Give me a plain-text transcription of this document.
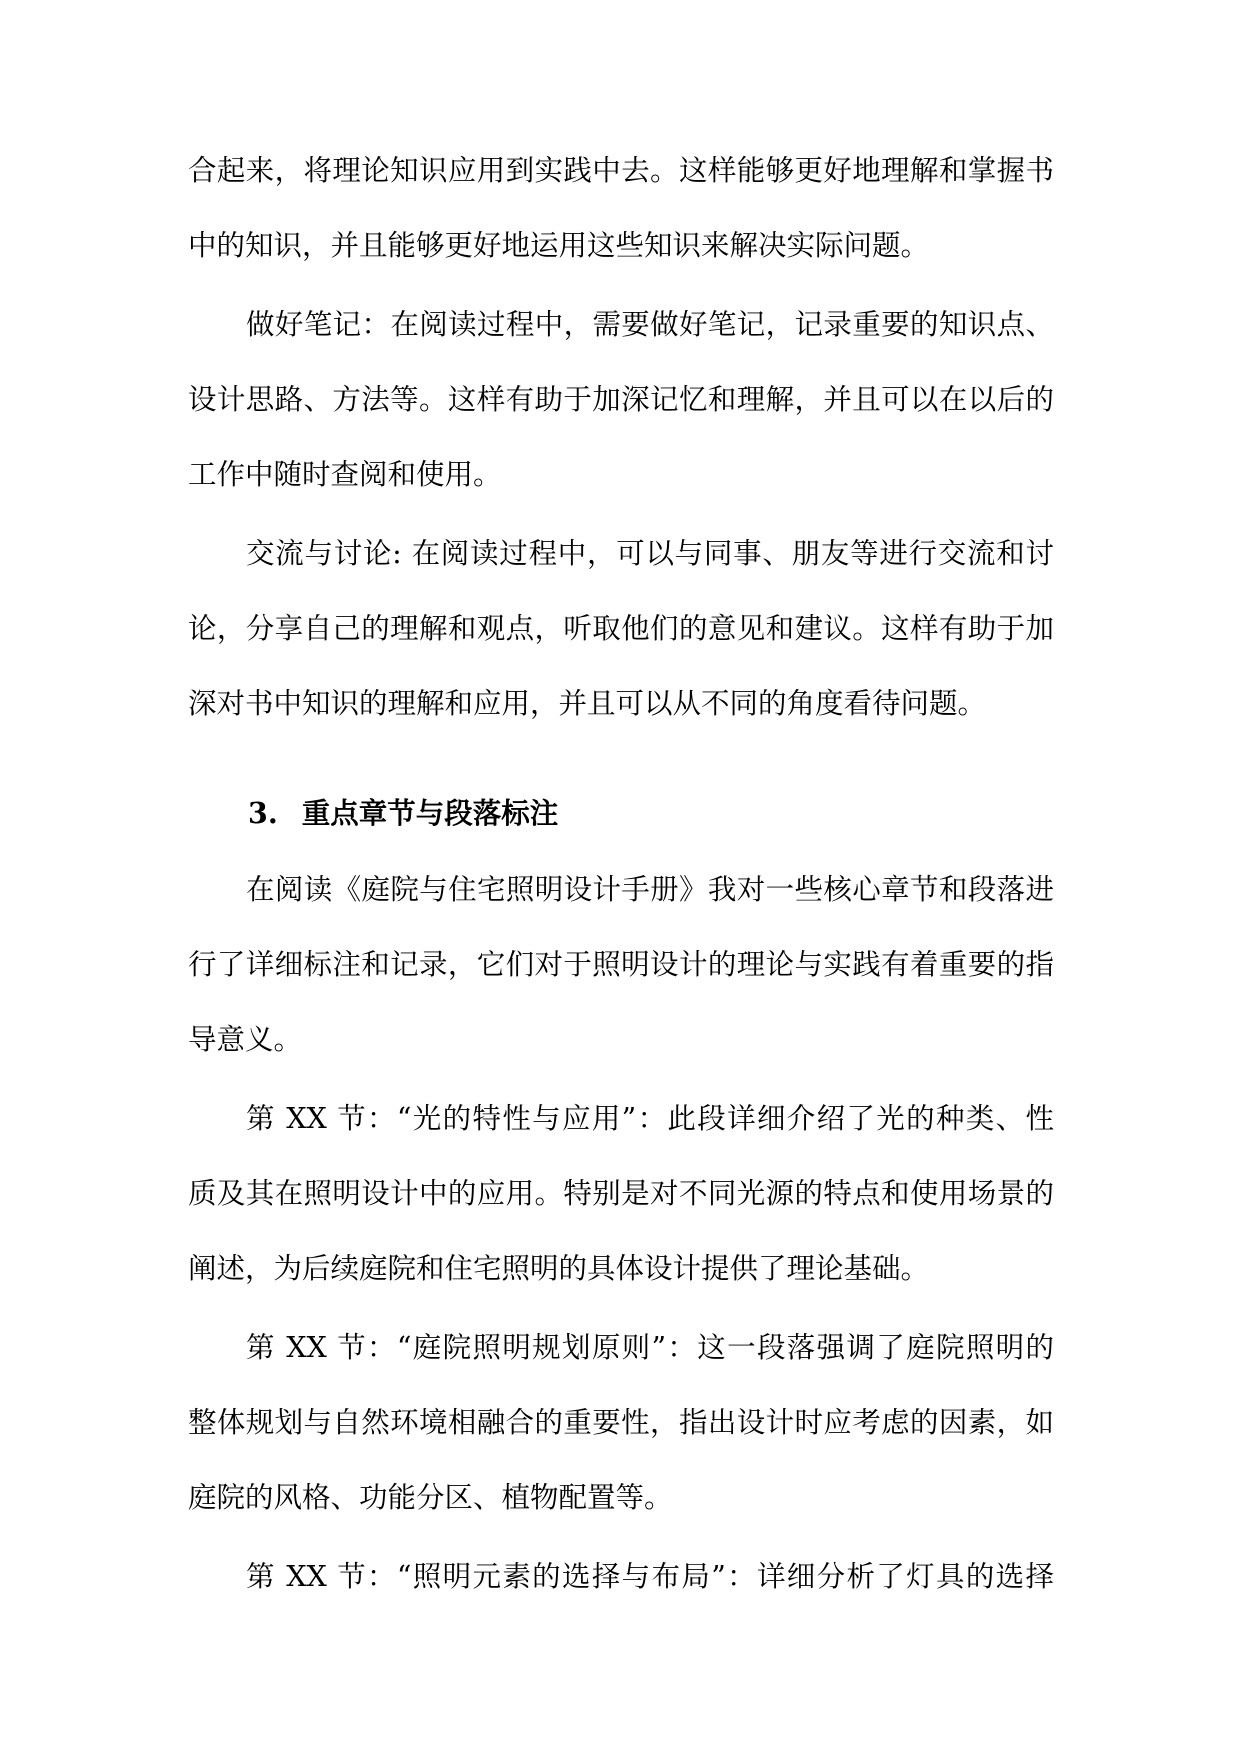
合起来，将理论知识应用到实践中去。这样能够更好地理解和掌握书
中的知识，并且能够更好地运用这些知识来解决实际问题。
做好笔记：在阅读过程中，需要做好笔记，记录重要的知识点、
设计思路、方法等。这样有助于加深记忆和理解，并且可以在以后的
工作中随时查阅和使用。
交流与讨论: 在阅读过程中，可以与同事、朋友等进行交流和讨
论，分享自己的理解和观点，听取他们的意见和建议。这样有助于加
深对书中知识的理解和应用，并且可以从不同的角度看待问题。
3. 重点章节与段落标注
在阅读《庭院与住宅照明设计手册》我对一些核心章节和段落进
行了详细标注和记录，它们对于照明设计的理论与实践有着重要的指
导意义。
第 XX 节：“光的特性与应用”：此段详细介绍了光的种类、性
质及其在照明设计中的应用。特别是对不同光源的特点和使用场景的
阐述，为后续庭院和住宅照明的具体设计提供了理论基础。
第 XX 节：“庭院照明规划原则”：这一段落强调了庭院照明的
整体规划与自然环境相融合的重要性，指出设计时应考虑的因素，如
庭院的风格、功能分区、植物配置等。
第 XX 节：“照明元素的选择与布局”：详细分析了灯具的选择
